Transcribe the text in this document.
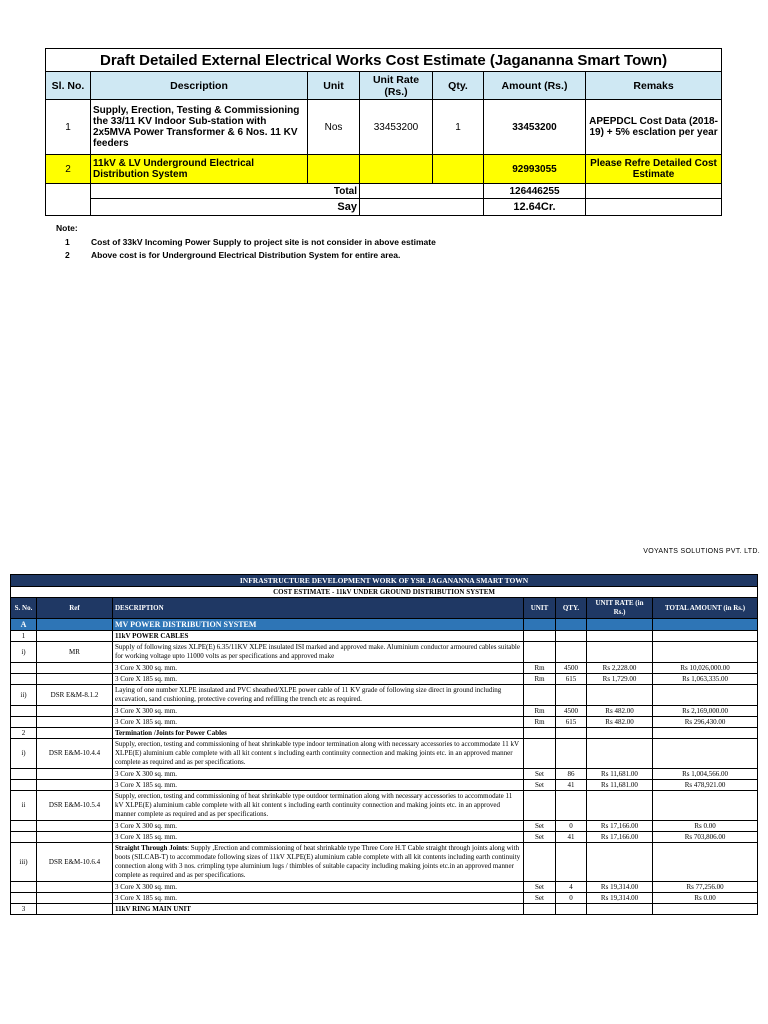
Draft Detailed External Electrical Works Cost Estimate (Jagananna Smart Town)						
Sl. No.	Description	Unit	Unit Rate (Rs.)	Qty.	Amount (Rs.)	Remaks
1	Supply, Erection, Testing & Commissioning the 33/11 KV Indoor Sub-station with 2x5MVA Power Transformer & 6 Nos. 11 KV feeders	Nos	33453200	1	33453200	APEPDCL Cost Data (2018-19) + 5% esclation per year
2	11kV & LV Underground Electrical Distribution System				92993055	Please Refre Detailed Cost Estimate
	Total				126446255	
	Say				12.64Cr.	
Note:
1	Cost of 33kV Incoming Power Supply to project site is not consider in above estimate
2	Above cost is for Underground Electrical Distribution System for entire area.
VOYANTS SOLUTIONS PVT. LTD.
INFRASTRUCTURE DEVELOPMENT WORK OF YSR JAGANANNA SMART TOWN						
COST ESTIMATE - 11kV UNDER GROUND DISTRIBUTION SYSTEM						
S. No.	Ref	DESCRIPTION	UNIT	QTY.	UNIT RATE (in Rs.)	TOTAL AMOUNT (in Rs.)
A		MV POWER DISTRIBUTION SYSTEM				
1		11kV POWER CABLES				
i)	MR	Supply of following sizes XLPE(E) 6.35/11KV XLPE insulated ISI marked and approved make. Aluminium conductor armoured cables suitable for working voltage upto 11000 volts as per specifications and approved make				
		3 Core X 300 sq. mm.	Rm	4500	Rs 2,228.00	Rs 10,026,000.00
		3 Core X 185 sq. mm.	Rm	615	Rs 1,729.00	Rs 1,063,335.00
ii)	DSR E&M-8.1.2	Laying of one number XLPE insulated and PVC sheathed/XLPE power cable of 11 KV grade of following size direct in ground including excavation, sand cushioning, protective covering and refilling the trench etc as required.				
		3 Core X 300 sq. mm.	Rm	4500	Rs 482.00	Rs 2,169,000.00
		3 Core X 185 sq. mm.	Rm	615	Rs 482.00	Rs 296,430.00
2		Termination /Joints for Power Cables				
i)	DSR E&M-10.4.4	Supply, erection, testing and commissioning of heat shrinkable type indoor termination along with necessary accessories to accommodate 11 kV XLPE(E) aluminium cable complete with all kit content s including earth continuity connection and making joints etc. in an approved manner complete as required and as per specifications.				
		3 Core X 300 sq. mm.	Set	86	Rs 11,681.00	Rs 1,004,566.00
		3 Core X 185 sq. mm.	Set	41	Rs 11,681.00	Rs 478,921.00
ii	DSR E&M-10.5.4	Supply, erection, testing and commissioning of heat shrinkable type outdoor termination along with necessary accessories to accommodate 11 kV XLPE(E) aluminium cable complete with all kit content s including earth continuity connection and making joints etc. in an approved manner complete as required and as per specifications.				
		3 Core X 300 sq. mm.	Set	0	Rs 17,166.00	Rs 0.00
		3 Core X 185 sq. mm.	Set	41	Rs 17,166.00	Rs 703,806.00
iii)	DSR E&M-10.6.4	Straight Through Joints: Supply ,Erection and commissioning of heat shrinkable type Three Core H.T Cable straight through joints along with boots (SILCAB-T) to accommodate following sizes of 11kV XLPE(E) aluminium cable complete with all kit contents including earth continuity connection along with 3 nos. crimpling type aluminium lugs / thimbles of suitable capacity including making joints etc.in an approved manner complete as required and as per specifications.				
		3 Core X 300 sq. mm.	Set	4	Rs 19,314.00	Rs 77,256.00
		3 Core X 185 sq. mm.	Set	0	Rs 19,314.00	Rs 0.00
3		11kV RING MAIN UNIT				
